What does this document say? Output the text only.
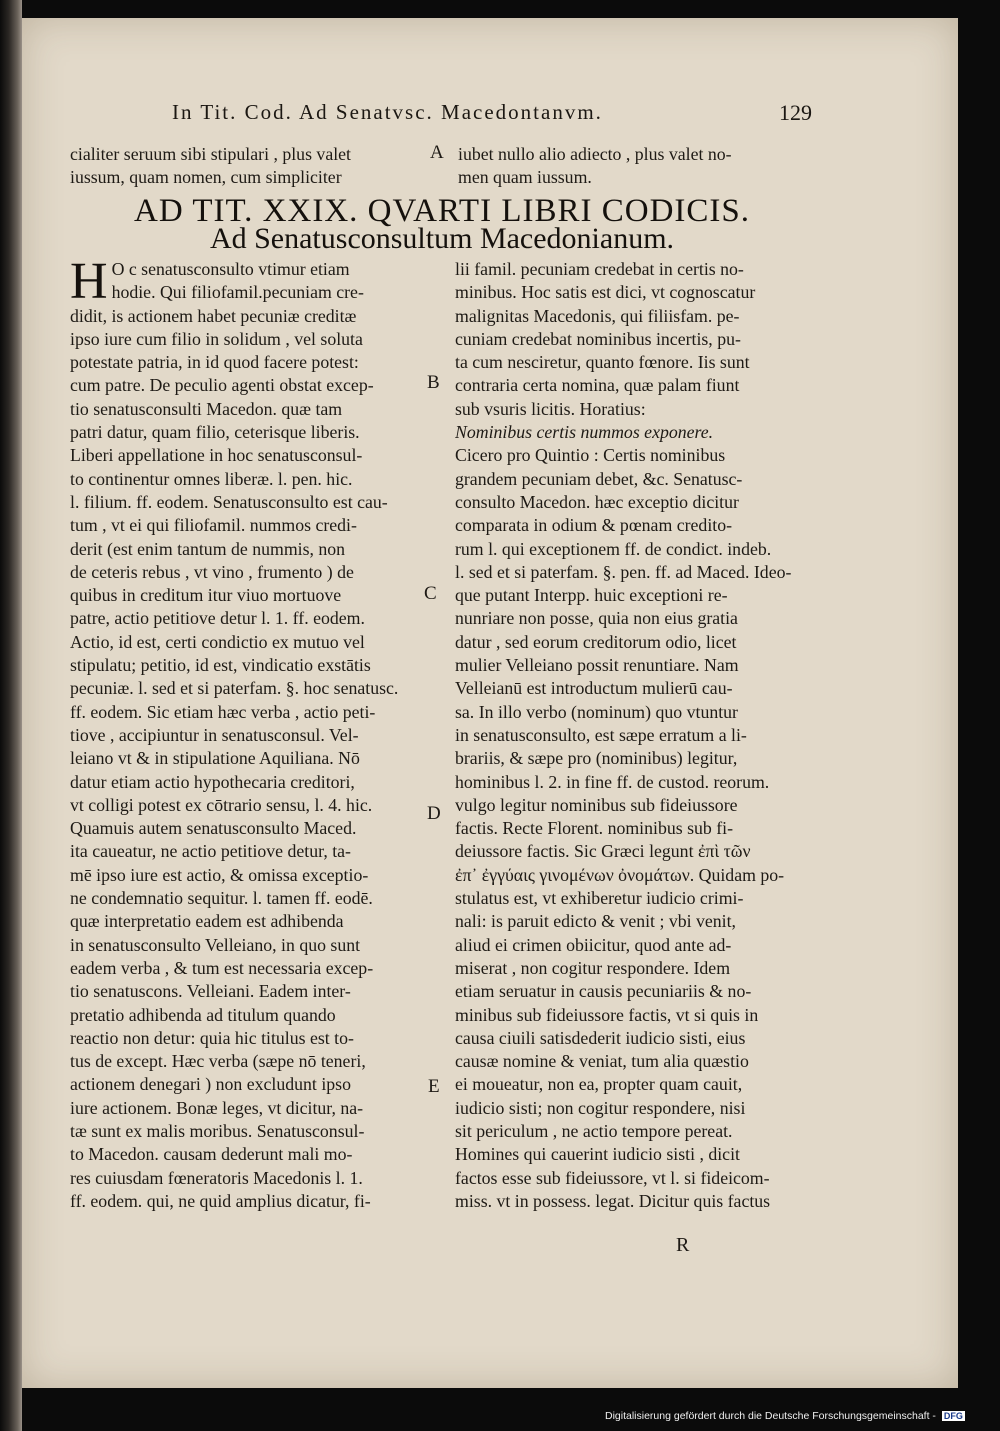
In Tit. Cod. Ad Senatvsc. Macedontanvm.	129
cialiter seruum sibi stipulari , plus valet
iussum, quam nomen, cum simpliciter
iubet nullo alio adiecto , plus valet no-
men quam iussum.
A
AD TIT. XXIX. QVARTI LIBRI CODICIS.
Ad Senatusconsultum Macedonianum.
H O c senatusconsulto vtimur etiam
hodie. Qui filiofamil.pecuniam cre-
didit, is actionem habet pecuniæ creditæ
ipso iure cum filio in solidum , vel soluta
potestate patria, in id quod facere potest:
cum patre. De peculio agenti obstat excep-
tio senatusconsulti Macedon. quæ tam
patri datur, quam filio, ceterisque liberis.
Liberi appellatione in hoc senatusconsul-
to continentur omnes liberæ. l. pen. hic.
l. filium. ff. eodem. Senatusconsulto est cau-
tum , vt ei qui filiofamil. nummos credi-
derit (est enim tantum de nummis, non
de ceteris rebus , vt vino , frumento ) de
quibus in creditum itur viuo mortuove
patre, actio petitiove detur l. 1. ff. eodem.
Actio, id est, certi condictio ex mutuo vel
stipulatu; petitio, id est, vindicatio exstātis
pecuniæ. l. sed et si paterfam. §. hoc senatusc.
ff. eodem. Sic etiam hæc verba , actio peti-
tiove , accipiuntur in senatusconsul. Vel-
leiano vt & in stipulatione Aquiliana. Nō
datur etiam actio hypothecaria creditori,
vt colligi potest ex cōtrario sensu, l. 4. hic.
Quamuis autem senatusconsulto Maced.
ita caueatur, ne actio petitiove detur, ta-
mē ipso iure est actio, & omissa exceptio-
ne condemnatio sequitur. l. tamen ff. eodē.
quæ interpretatio eadem est adhibenda
in senatusconsulto Velleiano, in quo sunt
eadem verba , & tum est necessaria excep-
tio senatuscons. Velleiani. Eadem inter-
pretatio adhibenda ad titulum quando
reactio non detur: quia hic titulus est to-
tus de except. Hæc verba (sæpe nō teneri,
actionem denegari ) non excludunt ipso
iure actionem. Bonæ leges, vt dicitur, na-
tæ sunt ex malis moribus. Senatusconsul-
to Macedon. causam dederunt mali mo-
res cuiusdam fœneratoris Macedonis l. 1.
ff. eodem. qui, ne quid amplius dicatur, fi-
lii famil. pecuniam credebat in certis no-
minibus. Hoc satis est dici, vt cognoscatur
malignitas Macedonis, qui filiisfam. pe-
cuniam credebat nominibus incertis, pu-
ta cum nesciretur, quanto fœnore. Iis sunt
contraria certa nomina, quæ palam fiunt
sub vsuris licitis. Horatius:
Nominibus certis nummos exponere.
Cicero pro Quintio : Certis nominibus
grandem pecuniam debet, &c. Senatusc-
consulto Macedon. hæc exceptio dicitur
comparata in odium & pœnam credito-
rum l. qui exceptionem ff. de condict. indeb.
l. sed et si paterfam. §. pen. ff. ad Maced. Ideo-
que putant Interpp. huic exceptioni re-
nunriare non posse, quia non eius gratia
datur , sed eorum creditorum odio, licet
mulier Velleiano possit renuntiare. Nam
Velleianū est introductum mulierū cau-
sa. In illo verbo (nominum) quo vtuntur
in senatusconsulto, est sæpe erratum a li-
brariis, & sæpe pro (nominibus) legitur,
hominibus l. 2. in fine ff. de custod. reorum.
vulgo legitur nominibus sub fideiussore
factis. Recte Florent. nominibus sub fi-
deiussore factis. Sic Græci legunt ἐπὶ τῶν
ἐπ᾽ ἐγγύαις γινομένων ὀνομάτων. Quidam po-
stulatus est, vt exhiberetur iudicio crimi-
nali: is paruit edicto & venit ; vbi venit,
aliud ei crimen obiicitur, quod ante ad-
miserat , non cogitur respondere. Idem
etiam seruatur in causis pecuniariis & no-
minibus sub fideiussore factis, vt si quis in
causa ciuili satisdederit iudicio sisti, eius
causæ nomine & veniat, tum alia quæstio
ei moueatur, non ea, propter quam cauit,
iudicio sisti; non cogitur respondere, nisi
sit periculum , ne actio tempore pereat.
Homines qui cauerint iudicio sisti , dicit
factos esse sub fideiussore, vt l. si fideicom-
miss. vt in possess. legat. Dicitur quis factus
B
C
D
E
R
Digitalisierung gefördert durch die Deutsche Forschungsgemeinschaft - DFG
